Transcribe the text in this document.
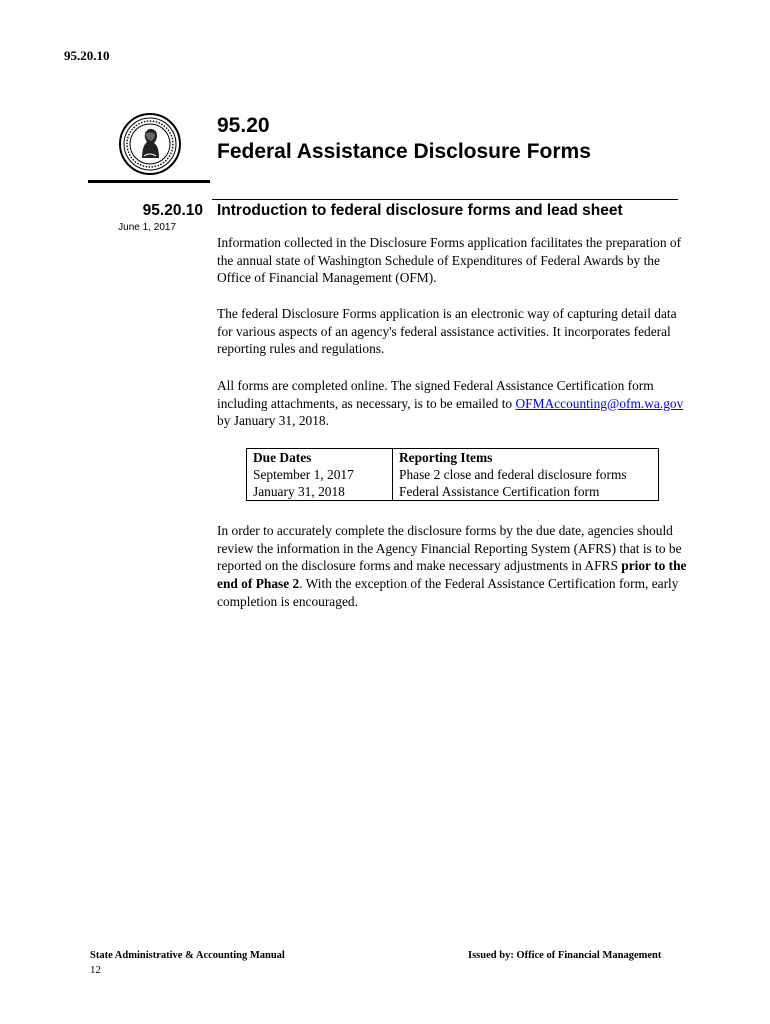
95.20.10
95.20
Federal Assistance Disclosure Forms
95.20.10
June 1, 2017
Introduction to federal disclosure forms and lead sheet
Information collected in the Disclosure Forms application facilitates the preparation of the annual state of Washington Schedule of Expenditures of Federal Awards by the Office of Financial Management (OFM).
The federal Disclosure Forms application is an electronic way of capturing detail data for various aspects of an agency's federal assistance activities. It incorporates federal reporting rules and regulations.
All forms are completed online. The signed Federal Assistance Certification form including attachments, as necessary, is to be emailed to OFMAccounting@ofm.wa.gov by January 31, 2018.
Due Dates	Reporting Items
September 1, 2017	Phase 2 close and federal disclosure forms
January 31, 2018	Federal Assistance Certification form
In order to accurately complete the disclosure forms by the due date, agencies should review the information in the Agency Financial Reporting System (AFRS) that is to be reported on the disclosure forms and make necessary adjustments in AFRS prior to the end of Phase 2. With the exception of the Federal Assistance Certification form, early completion is encouraged.
State Administrative & Accounting Manual
12
Issued by: Office of Financial Management
